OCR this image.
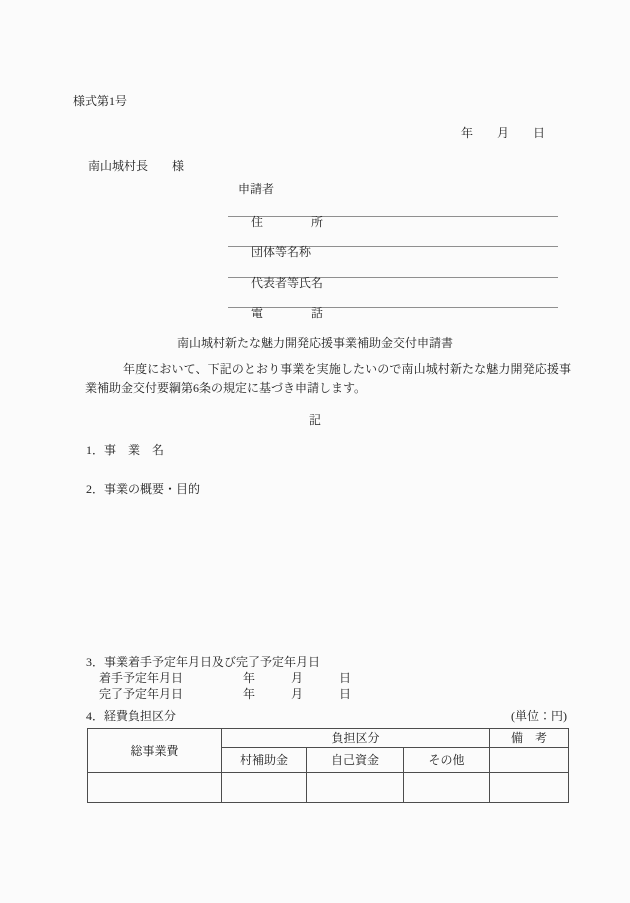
様式第1号
年　　月　　日
南山城村長　　様
申請者

住　　　　所

団体等名称

代表者等氏名

電　　　　話

南山城村新たな魅力開発応援事業補助金交付申請書
年度において、下記のとおり事業を実施したいので南山城村新たな魅力開発応援事業補助金交付要綱第6条の規定に基づき申請します。
記
1．事　業　名
2．事業の概要・目的
3．事業着手予定年月日及び完了予定年月日
着手予定年月日　　　　　年　　　月　　　日
完了予定年月日　　　　　年　　　月　　　日
4．経費負担区分	(単位：円)
総事業費	負担区分			備　考
	村補助金	自己資金	その他	
